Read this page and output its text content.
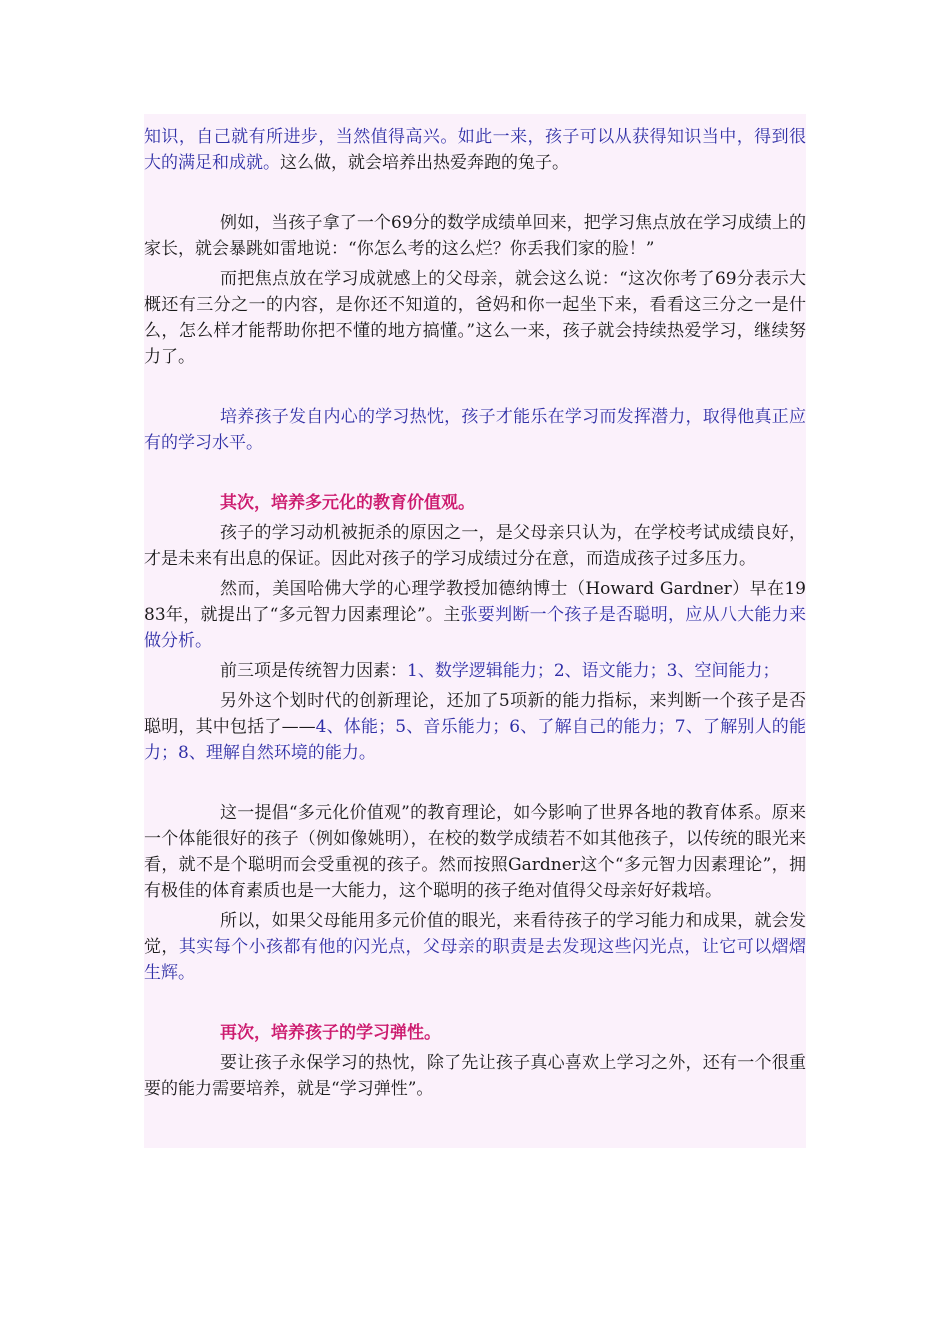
知识，自己就有所进步，当然值得高兴。如此一来，孩子可以从获得知识当中，得到很大的满足和成就。这么做，就会培养出热爱奔跑的兔子。

例如，当孩子拿了一个69分的数学成绩单回来，把学习焦点放在学习成绩上的家长，就会暴跳如雷地说：“你怎么考的这么烂？你丢我们家的脸！”

而把焦点放在学习成就感上的父母亲，就会这么说：“这次你考了69分表示大概还有三分之一的内容，是你还不知道的，爸妈和你一起坐下来，看看这三分之一是什么，怎么样才能帮助你把不懂的地方搞懂。”这么一来，孩子就会持续热爱学习，继续努力了。

培养孩子发自内心的学习热忱，孩子才能乐在学习而发挥潜力，取得他真正应有的学习水平。

其次，培养多元化的教育价值观。

孩子的学习动机被扼杀的原因之一，是父母亲只认为，在学校考试成绩良好，才是未来有出息的保证。因此对孩子的学习成绩过分在意，而造成孩子过多压力。

然而，美国哈佛大学的心理学教授加德纳博士（Howard Gardner）早在1983年，就提出了“多元智力因素理论”。主张要判断一个孩子是否聪明，应从八大能力来做分析。

前三项是传统智力因素：1、数学逻辑能力；2、语文能力；3、空间能力；

另外这个划时代的创新理论，还加了5项新的能力指标，来判断一个孩子是否聪明，其中包括了——4、体能；5、音乐能力；6、了解自己的能力；7、了解别人的能力；8、理解自然环境的能力。

这一提倡“多元化价值观”的教育理论，如今影响了世界各地的教育体系。原来一个体能很好的孩子（例如像姚明），在校的数学成绩若不如其他孩子，以传统的眼光来看，就不是个聪明而会受重视的孩子。然而按照Gardner这个“多元智力因素理论”，拥有极佳的体育素质也是一大能力，这个聪明的孩子绝对值得父母亲好好栽培。

所以，如果父母能用多元价值的眼光，来看待孩子的学习能力和成果，就会发觉，其实每个小孩都有他的闪光点，父母亲的职责是去发现这些闪光点，让它可以熠熠生辉。

再次，培养孩子的学习弹性。

要让孩子永保学习的热忱，除了先让孩子真心喜欢上学习之外，还有一个很重要的能力需要培养，就是“学习弹性”。
